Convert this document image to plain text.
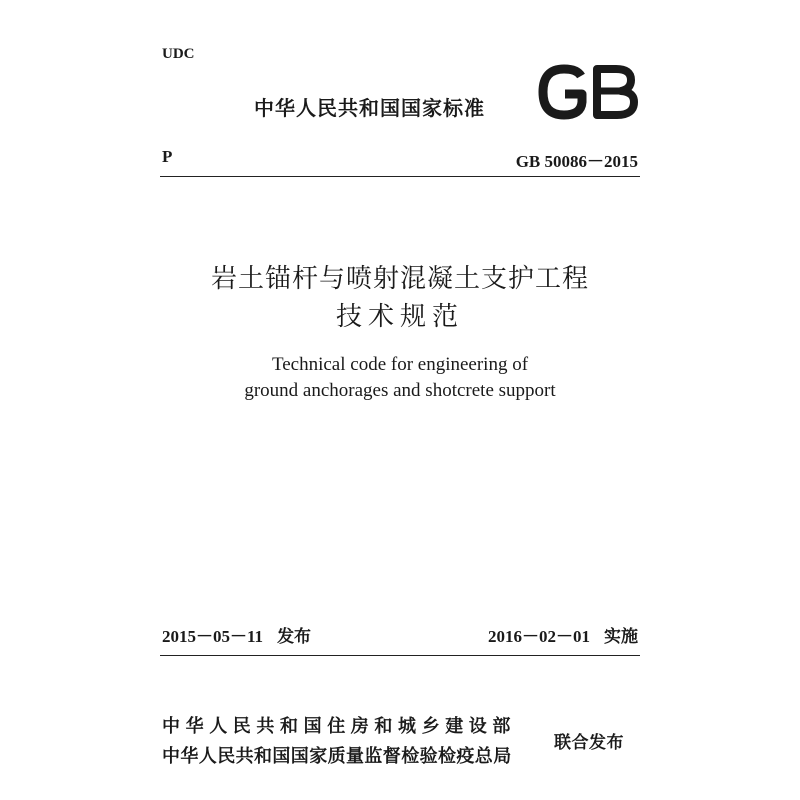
UDC
中华人民共和国国家标准
P	GB 50086－2015
岩土锚杆与喷射混凝土支护工程
技术规范
Technical code for engineering of
ground anchorages and shotcrete support
2015－05－11 发布	2016－02－01 实施
中华人民共和国住房和城乡建设部
中华人民共和国国家质量监督检验检疫总局
联合发布
